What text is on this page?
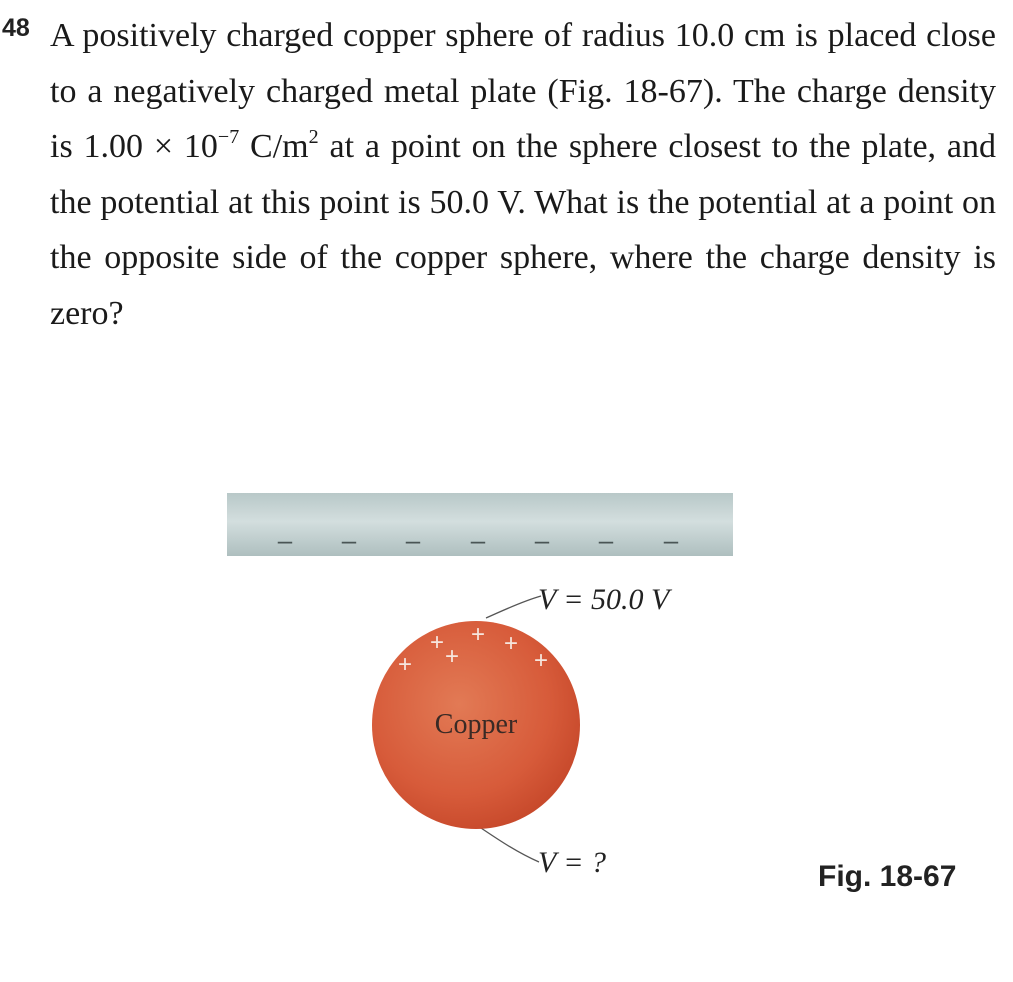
48 A positively charged copper sphere of radius 10.0 cm is placed close to a negatively charged metal plate (Fig. 18-67). The charge density is $1.00 \times 10^{-7}$ $C/m^2$ at a point on the sphere closest to the plate, and the potential at this point is 50.0 V. What is the potential at a point on the opposite side of the copper sphere, where the charge density is zero?
– – – – – – –
+
+ + +
+
+
Copper
V = 50.0 V
V = ?	Fig. 18-67
